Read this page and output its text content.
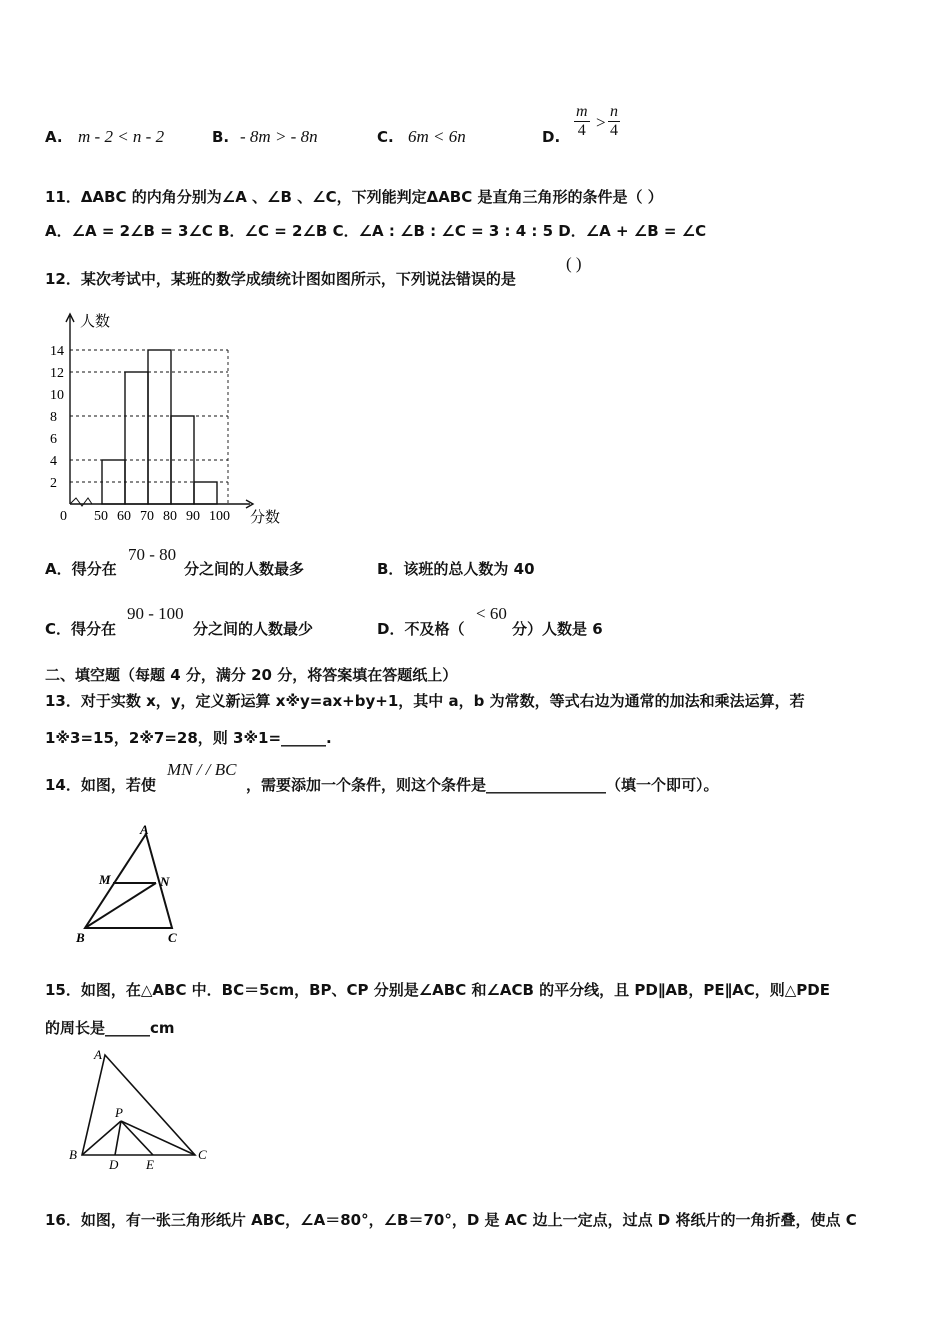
A. m - 2 < n - 2	B. - 8m > - 8n	C. 6m < 6n	D. $\frac{m}{4} > \frac{n}{4}$
11．ΔABC 的内角分别为∠A 、∠B 、∠C，下列能判定ΔABC 是直角三角形的条件是（ ）
A．∠A = 2∠B = 3∠C B．∠C = 2∠B C．∠A : ∠B : ∠C = 3 : 4 : 5 D．∠A + ∠B = ∠C
12．某次考试中，某班的数学成绩统计图如图所示，下列说法错误的是
( )
2
4
6
8
10
12
14
50 60 70 80 90 100
0
人数
分数
A．得分在
70 - 80
分之间的人数最多	B．该班的总人数为 40
C．得分在
90 - 100
分之间的人数最少	D．不及格（
< 60
分）人数是 6
二、填空题（每题 4 分，满分 20 分，将答案填在答题纸上）
13．对于实数 x，y，定义新运算 x※y=ax+by+1，其中 a，b 为常数，等式右边为通常的加法和乘法运算，若
1※3=15，2※7=28，则 3※1=______.
14．如图，若使
MN / / BC
，需要添加一个条件，则这个条件是________________（填一个即可）。
A
M	N
B	C
15．如图，在△ABC 中．BC＝5cm，BP、CP 分别是∠ABC 和∠ACB 的平分线，且 PD∥AB，PE∥AC，则△PDE
的周长是______cm
A
P
B
D E
C
16．如图，有一张三角形纸片 ABC，∠A＝80°，∠B＝70°，D 是 AC 边上一定点，过点 D 将纸片的一角折叠，使点 C
